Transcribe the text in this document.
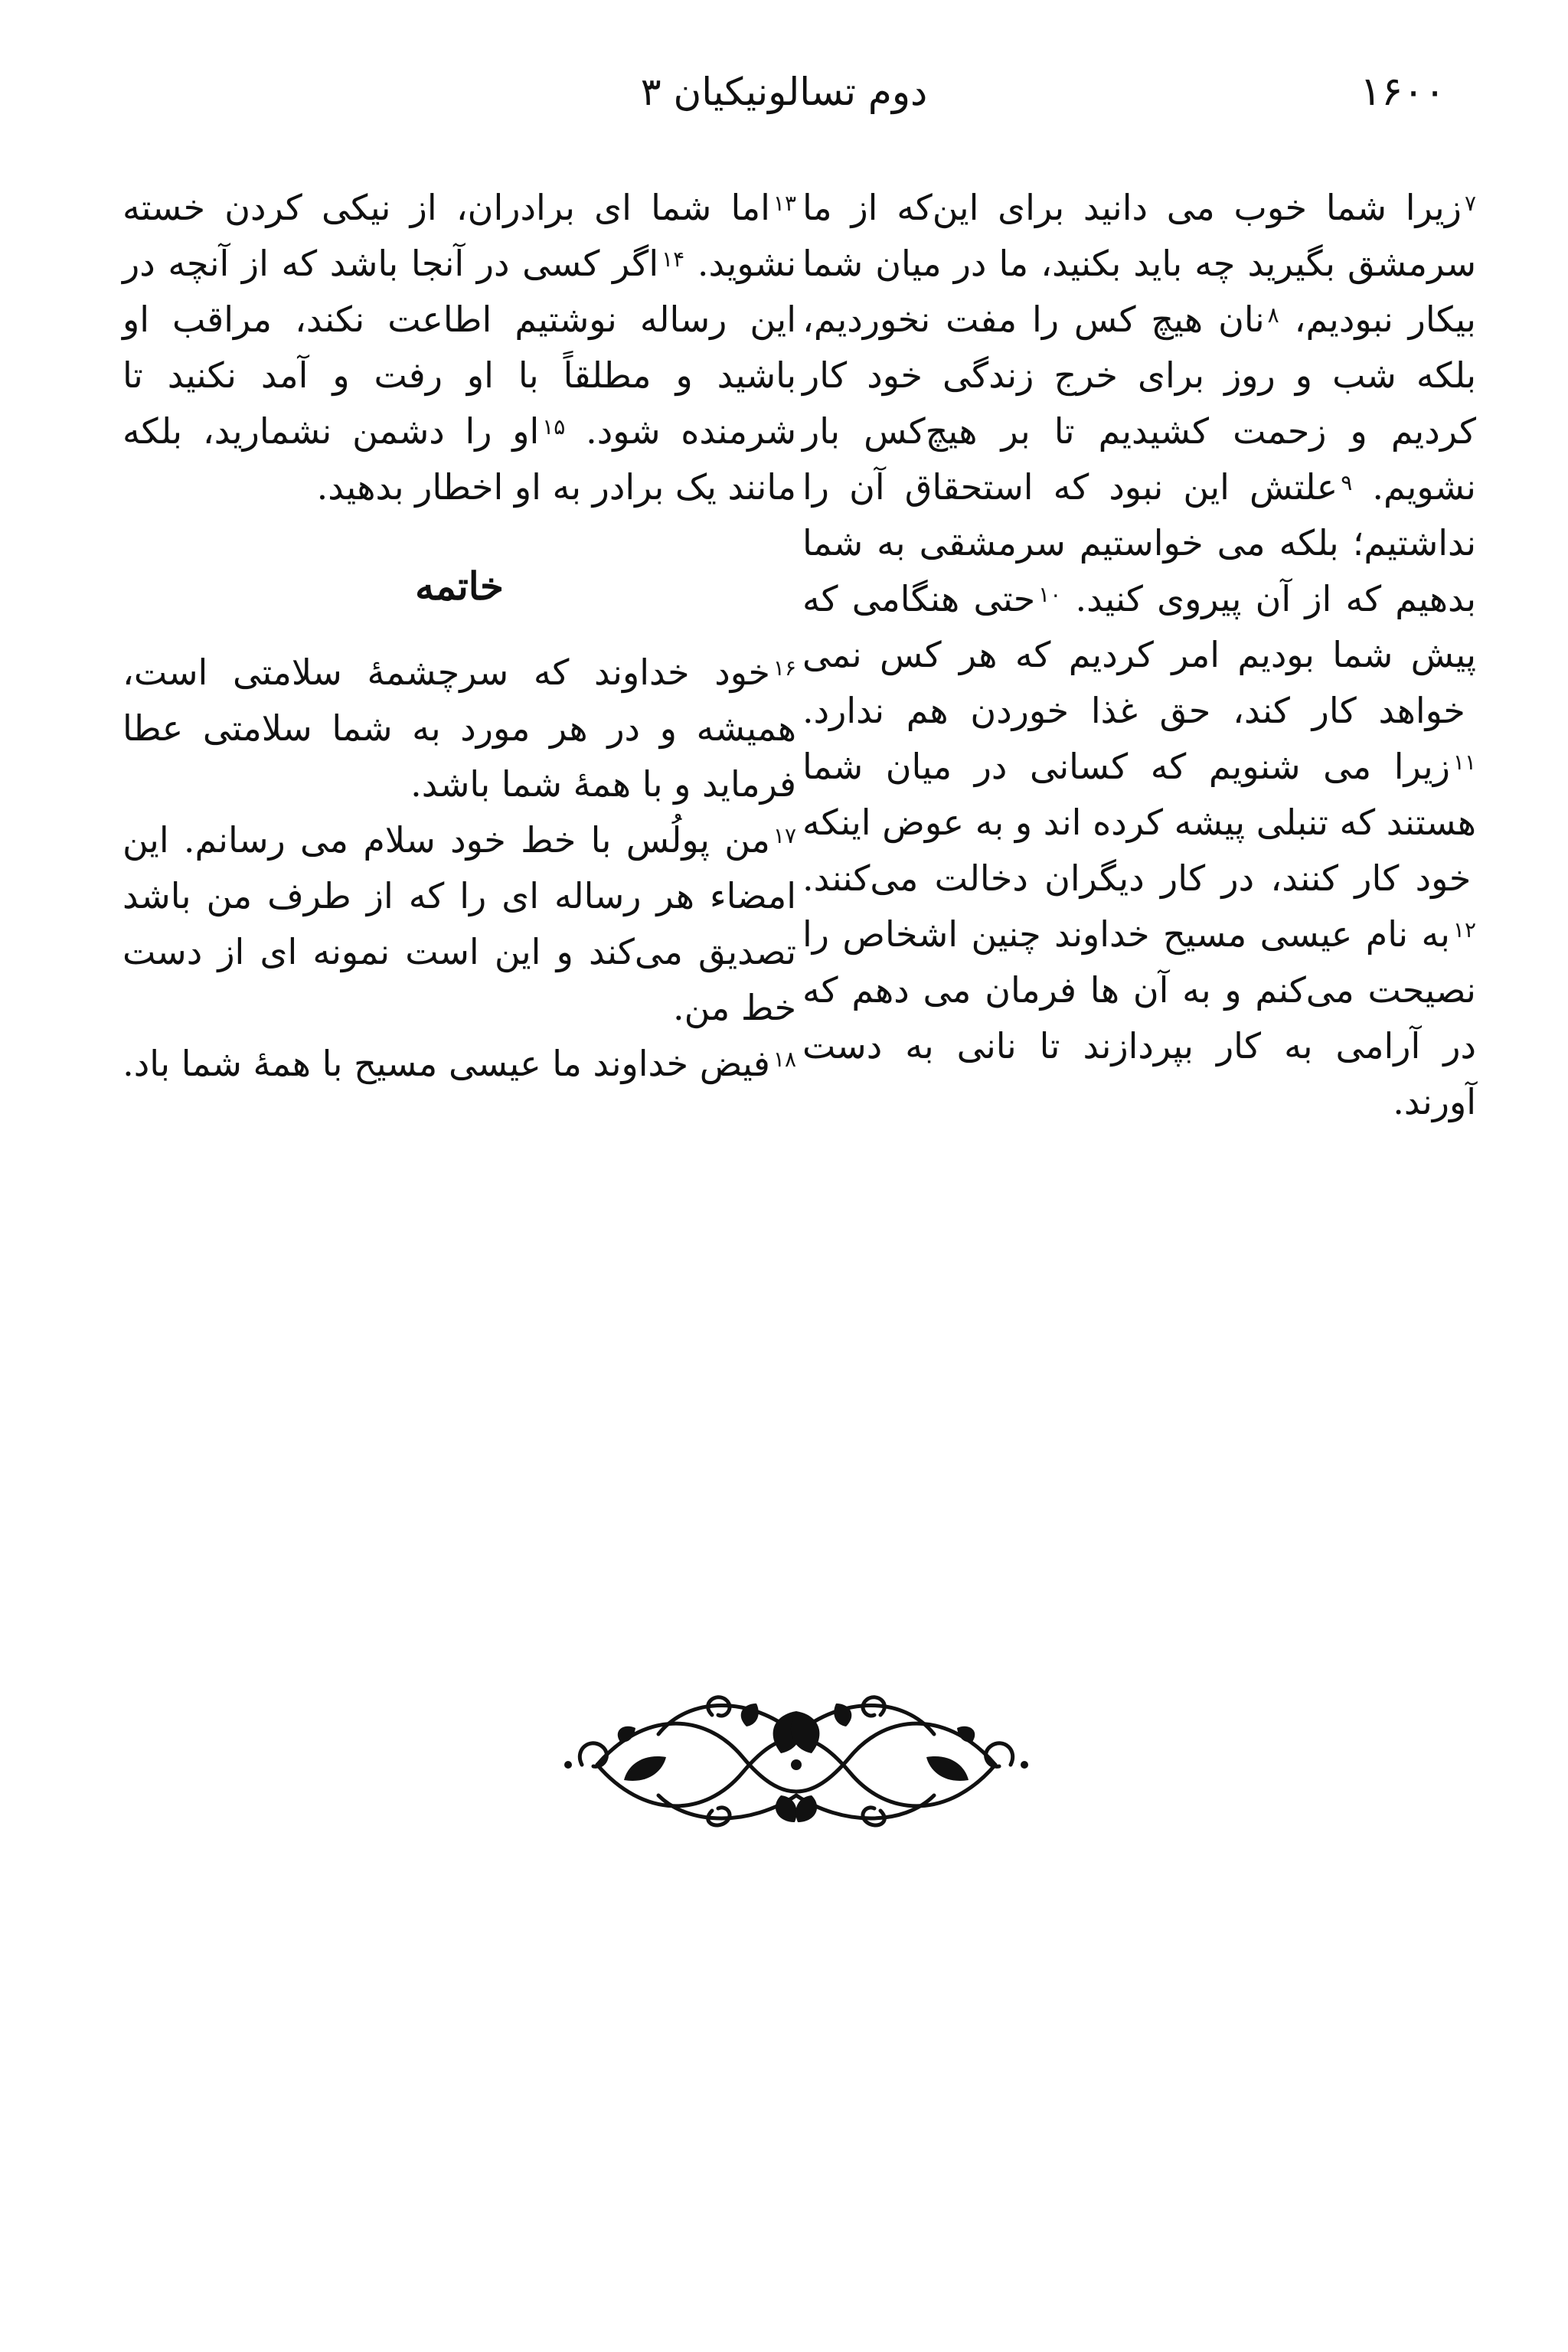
دوم تسالونیکیان ۳	۱۶۰۰

$^۷$زیرا شما خوب می دانید برای این‌که از ما سرمشق بگیرید چه باید بکنید، ما در میان شما بیکار نبودیم،

$^۸$نان هیچ کس را مفت نخوردیم، بلکه شب و روز برای خرج زندگی خود کار کردیم و زحمت کشیدیم تا بر هیچ‌کس بار نشویم.

$^۹$علتش این نبود که استحقاق آن را نداشتیم؛ بلکه می خواستیم سرمشقی به شما بدهیم که از آن پیروی کنید.

$^{۱۰}$حتی هنگامی که پیش شما بودیم امر کردیم که هر کس نمی خواهد کار کند، حق غذا خوردن هم ندارد.

$^{۱۱}$زیرا می شنویم که کسانی در میان شما هستند که تنبلی پیشه کرده اند و به عوض اینکه خود کار کنند، در کار دیگران دخالت می‌کنند.

$^{۱۲}$به نام عیسی مسیح خداوند چنین اشخاص را نصیحت می‌کنم و به آن ها فرمان می دهم که در آرامی به کار بپردازند تا نانی به دست آورند.

$^{۱۳}$اما شما ای برادران، از نیکی کردن خسته نشوید.

$^{۱۴}$اگر کسی در آنجا باشد که از آنچه در این رساله نوشتیم اطاعت نکند، مراقب او باشید و مطلقاً با او رفت و آمد نکنید تا شرمنده شود.

$^{۱۵}$او را دشمن نشمارید، بلکه مانند یک برادر به او اخطار بدهید.

خاتمه
$^{۱۶}$خود خداوند که سرچشمهٔ سلامتی است، همیشه و در هر مورد به شما سلامتی عطا فرماید و با همهٔ شما باشد.
$^{۱۷}$من پولُس با خط خود سلام می رسانم. این امضاء هر رساله ای را که از طرف من باشد تصدیق می‌کند و این است نمونه ای از دست خط من.
$^{۱۸}$فیض خداوند ما عیسی مسیح با همهٔ شما باد.
